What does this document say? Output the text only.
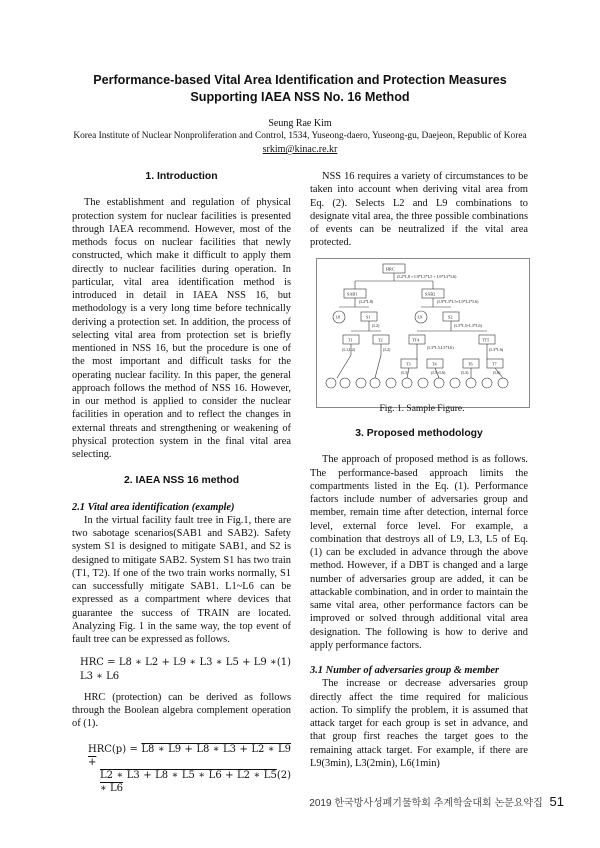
Performance-based Vital Area Identification and Protection Measures
Supporting IAEA NSS No. 16 Method
Seung Rae Kim
Korea Institute of Nuclear Nonproliferation and Control, 1534, Yuseong-daero, Yuseong-gu, Daejeon, Republic of Korea
srkim@kinac.re.kr

1. Introduction

The establishment and regulation of physical protection system for nuclear facilities is presented through IAEA recommend. However, most of the methods focus on nuclear facilities that newly constructed, which make it difficult to apply them directly to nuclear facilities during operation. In particular, vital area identification method is introduced in detail in IAEA NSS 16, but methodology is a very long time before technically deriving a protection set. In addition, the process of selecting vital area from protection set is briefly mentioned in NSS 16, but the procedure is one of the most important and difficult tasks for the operating nuclear facility. In this paper, the general approach follows the method of NSS 16. However, in our method is applied to consider the nuclear facilities in operation and to reflect the changes in external threats and strengthening or weakening of physical protection system in the final vital area selecting.

2. IAEA NSS 16 method

2.1 Vital area identification (example)

In the virtual facility fault tree in Fig.1, there are two sabotage scenarios(SAB1 and SAB2). Safety system S1 is designed to mitigate SAB1, and S2 is designed to mitigate SAB2. System S1 has two train (T1, T2). If one of the two train works normally, S1 can successfully mitigate SAB1. L1~L6 can be expressed as a compartment where devices that guarantee the success of TRAIN are located. Analyzing Fig. 1 in the same way, the top event of fault tree can be expressed as follows.

HRC = L8 ∗ L2 + L9 ∗ L3 ∗ L5 + L9 ∗ L3 ∗ L6
(1)

HRC (protection) can be derived as follows through the Boolean algebra complement operation of (1).

HRC(p) = L8 ∗ L9 + L8 ∗ L3 + L2 ∗ L9 +
L2 ∗ L3 + L8 ∗ L5 ∗ L6 + L2 ∗ L5 ∗ L6
(2)

NSS 16 requires a variety of circumstances to be taken into account when deriving vital area from Eq. (2). Selects L2 and L9 combinations to designate vital area, the three possible combinations of events can be neutralized if the vital area protected.

HRC
(L2*L8 + L9*L3*L5 + L9*L3*L6)
SAB1
(L2*L8)
SAB2
(L9*L3*L5+L9*L3*L6)
L8	S1
(L2)
L9	S2
(L3*L5+L3*L6)
T1
(L1,L2)
T2
(L2)
TT4
(L3*L5,L3*L6)
TT5
(L3*L6)
T3
(L3)
T4
(L5+L6)
T6
(L3)
T7
(L6)
Fig. 1. Sample Figure.

3. Proposed methodology

The approach of proposed method is as follows. The performance-based approach limits the compartments listed in the Eq. (1). Performance factors include number of adversaries group and member, remain time after detection, internal force level, external force level. For example, a combination that destroys all of L9, L3, L5 of Eq. (1) can be excluded in advance through the above method. However, if a DBT is changed and a large number of adversaries group are added, it can be attackable combination, and in order to maintain the same vital area, other performance factors can be improved or solved through additional vital area designation. The following is how to derive and apply performance factors.

3.1 Number of adversaries group & member

The increase or decrease adversaries group directly affect the time required for malicious action. To simplify the problem, it is assumed that attack target for each group is set in advance, and that group first reaches the target goes to the remaining attack target. For example, if there are L9(3min), L3(2min), L6(1min)

2019 한국방사성폐기물학회 추계학술대회 논문요약집 51
